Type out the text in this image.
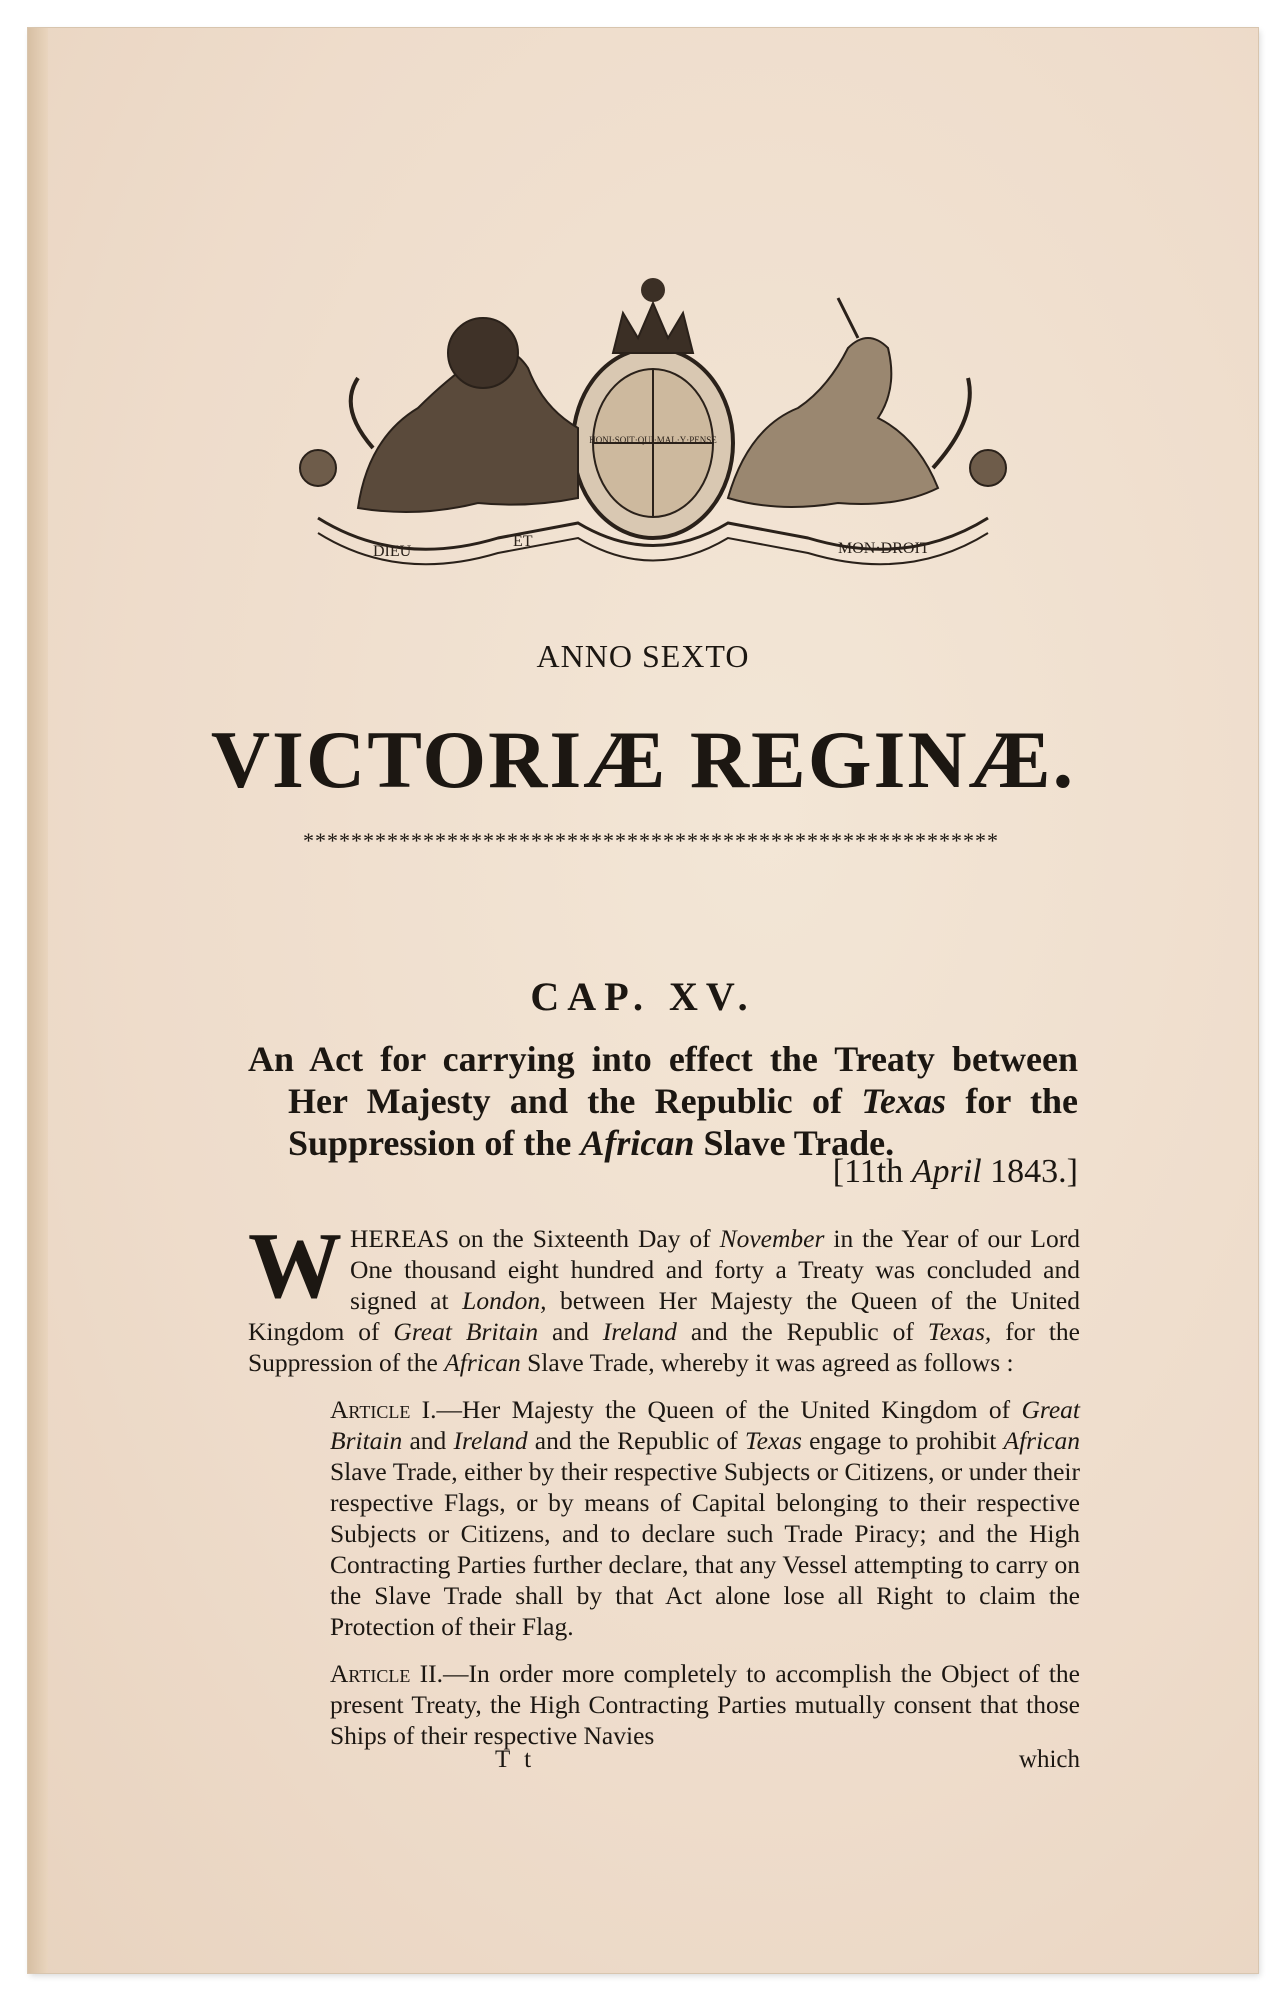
DIEU
ET	MON·DROIT
HONI·SOIT·QUI·MAL·Y·PENSE
ANNO SEXTO
VICTORIÆ REGINÆ.
**********************************************************
CAP. XV.
An Act for carrying into effect the Treaty between
Her Majesty and the Republic of Texas for the
Suppression of the African Slave Trade.
[11th April 1843.]

WHEREAS on the Sixteenth Day of November in the Year of our Lord One thousand eight hundred and forty a Treaty was concluded and signed at London, between Her Majesty the Queen of the United Kingdom of Great Britain and Ireland and the Republic of Texas, for the Suppression of the African Slave Trade, whereby it was agreed as follows :

Article I.—Her Majesty the Queen of the United Kingdom of Great Britain and Ireland and the Republic of Texas engage to prohibit African Slave Trade, either by their respective Subjects or Citizens, or under their respective Flags, or by means of Capital belonging to their respective Subjects or Citizens, and to declare such Trade Piracy; and the High Contracting Parties further declare, that any Vessel attempting to carry on the Slave Trade shall by that Act alone lose all Right to claim the Protection of their Flag.

Article II.—In order more completely to accomplish the Object of the present Treaty, the High Contracting Parties mutually consent that those Ships of their respective Navies

T t	which
